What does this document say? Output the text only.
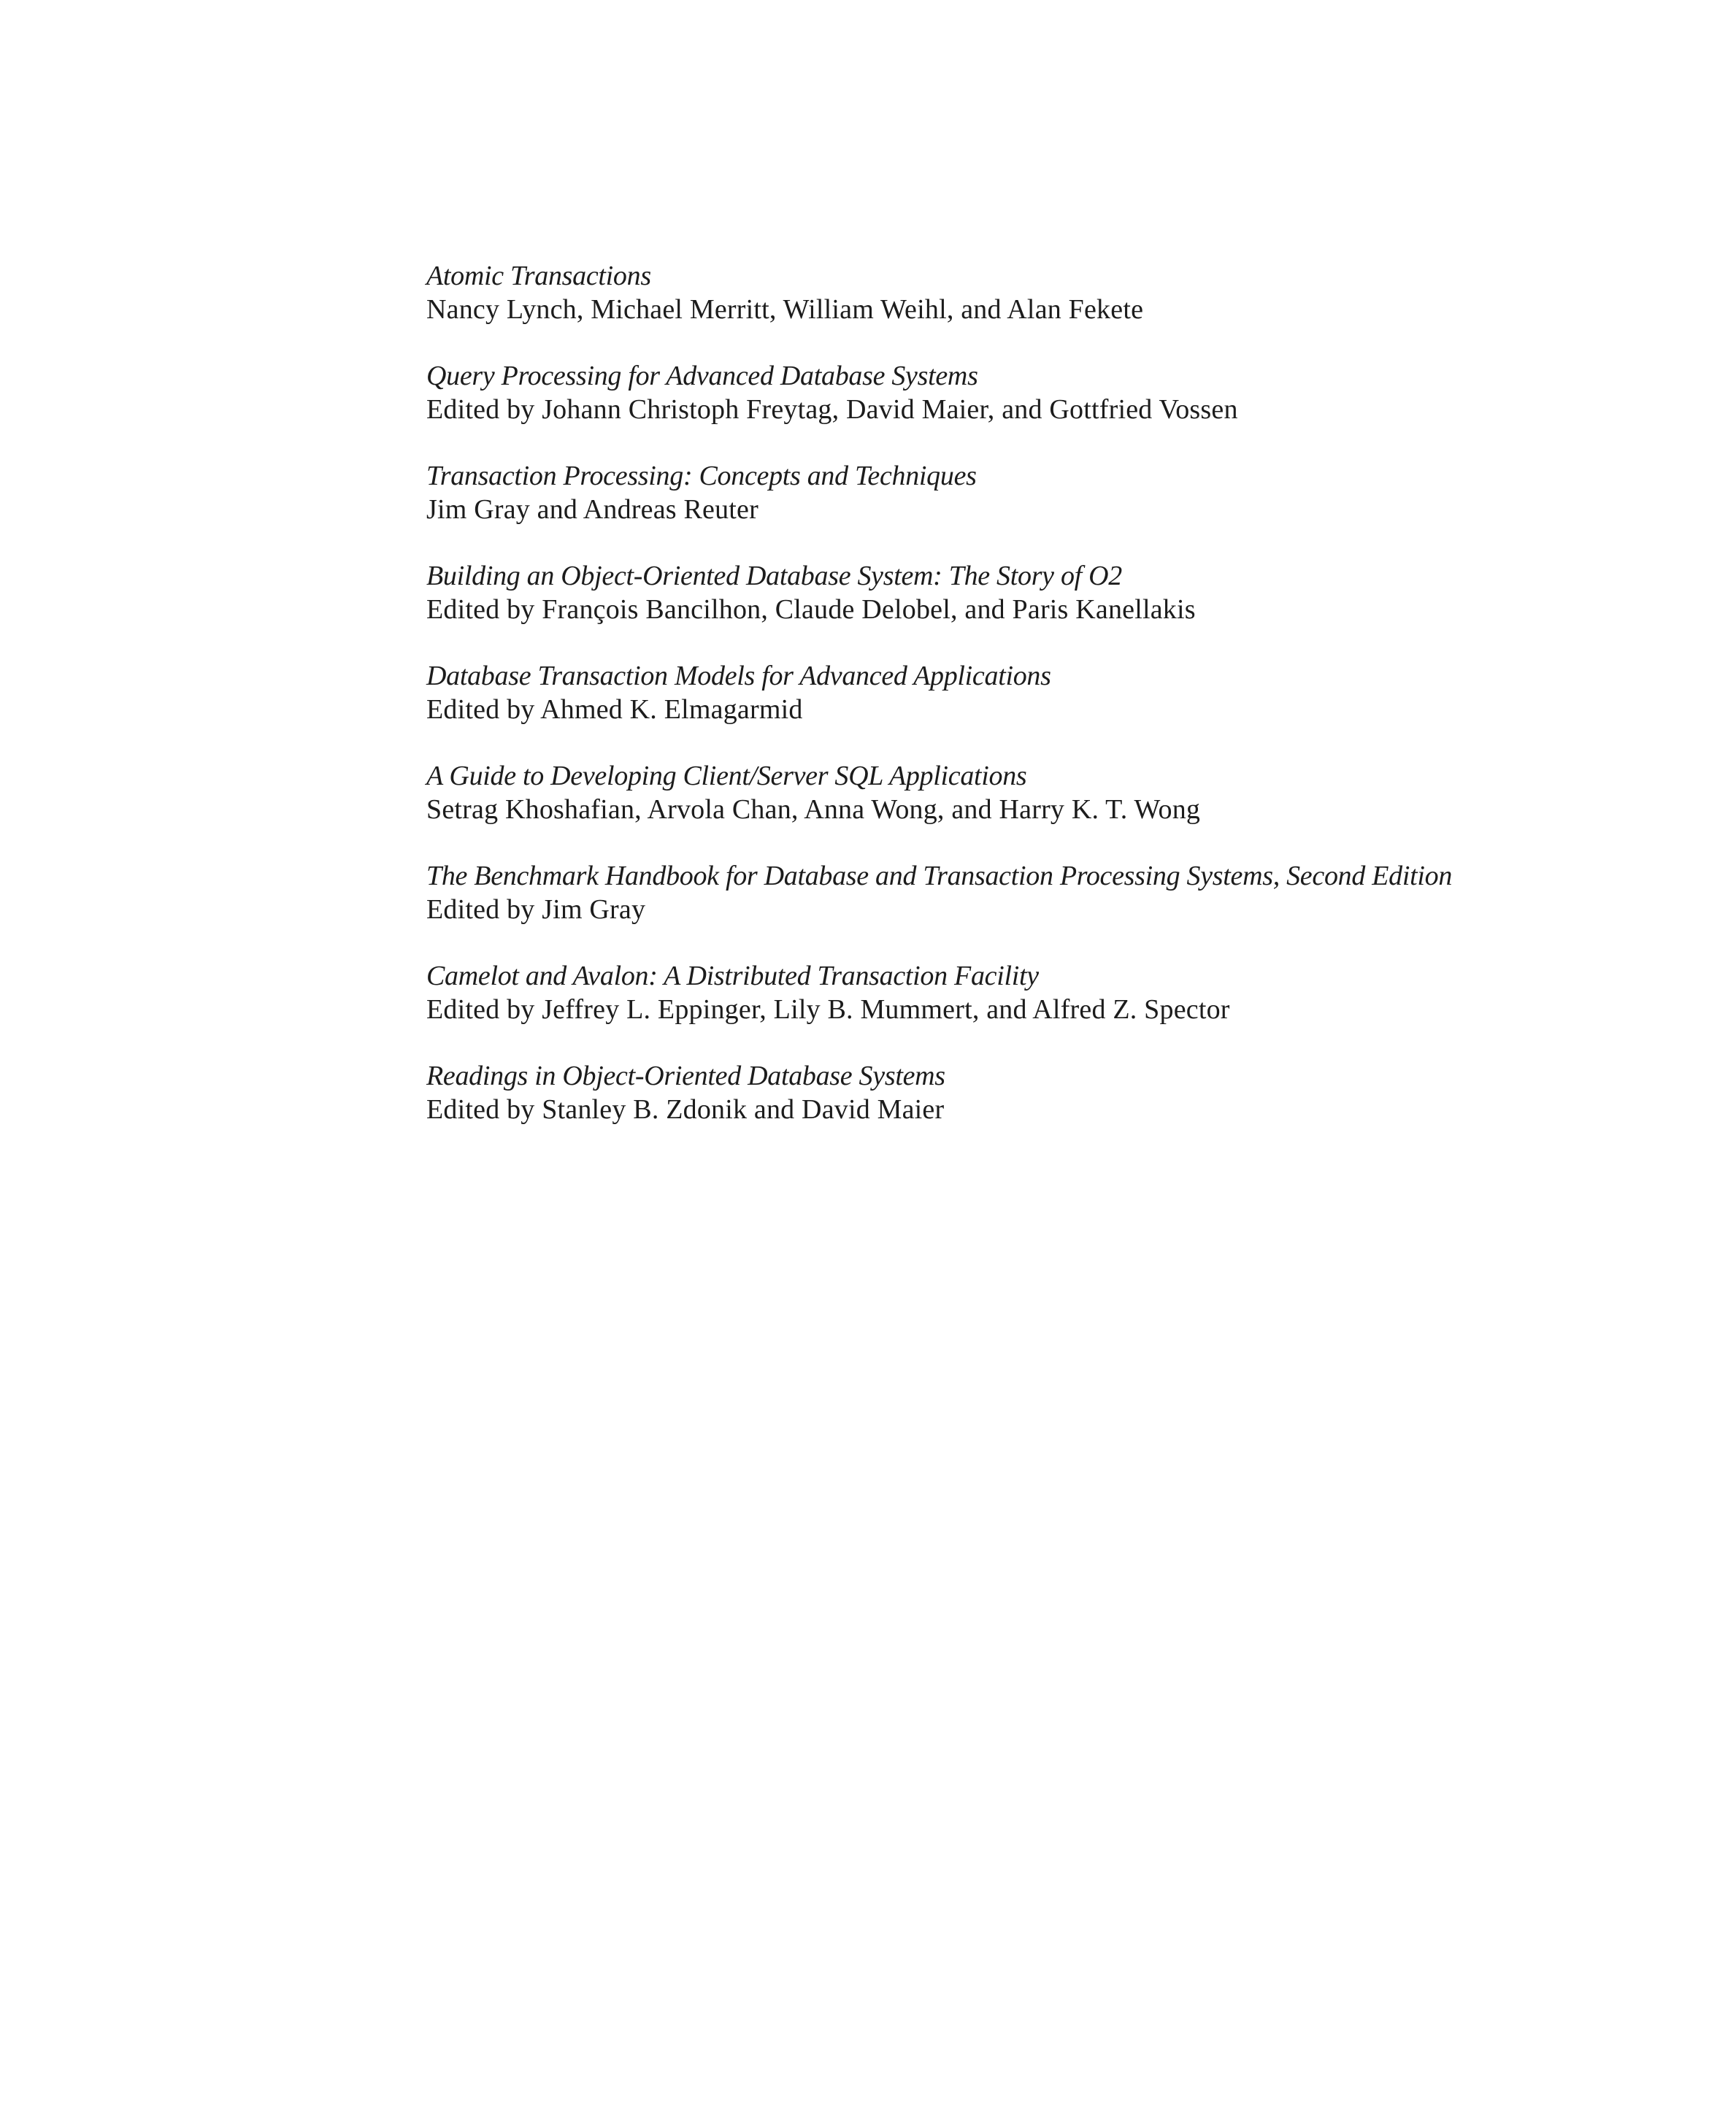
Atomic Transactions
Nancy Lynch, Michael Merritt, William Weihl, and Alan Fekete
Query Processing for Advanced Database Systems
Edited by Johann Christoph Freytag, David Maier, and Gottfried Vossen
Transaction Processing: Concepts and Techniques
Jim Gray and Andreas Reuter
Building an Object-Oriented Database System: The Story of O2
Edited by François Bancilhon, Claude Delobel, and Paris Kanellakis
Database Transaction Models for Advanced Applications
Edited by Ahmed K. Elmagarmid
A Guide to Developing Client/Server SQL Applications
Setrag Khoshafian, Arvola Chan, Anna Wong, and Harry K. T. Wong
The Benchmark Handbook for Database and Transaction Processing Systems, Second Edition
Edited by Jim Gray
Camelot and Avalon: A Distributed Transaction Facility
Edited by Jeffrey L. Eppinger, Lily B. Mummert, and Alfred Z. Spector
Readings in Object-Oriented Database Systems
Edited by Stanley B. Zdonik and David Maier
